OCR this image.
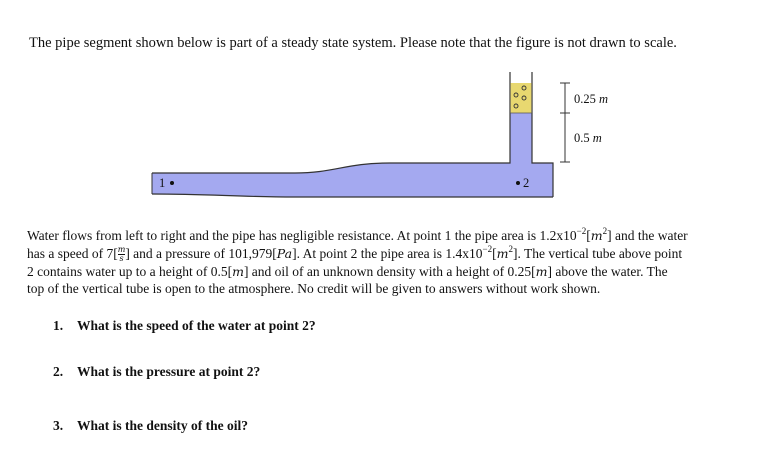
The pipe segment shown below is part of a steady state system. Please note that the figure is not drawn to scale.
1	2
0.25 m
0.5 m
Water flows from left to right and the pipe has negligible resistance. At point 1 the pipe area is $1.2x10^{-2}[m^2]$ and the water
has a speed of $7[ \frac{m}{s}$ ] and a pressure of 101,979[Pa]. At point 2 the pipe area is $1.4x10^{-2}[m^2]$. The vertical tube above point
2 contains water up to a height of 0.5[m] and oil of an unknown density with a height of 0.25[m] above the water. The
top of the vertical tube is open to the atmosphere. No credit will be given to answers without work shown.
1. What is the speed of the water at point 2?
2. What is the pressure at point 2?
3. What is the density of the oil?
